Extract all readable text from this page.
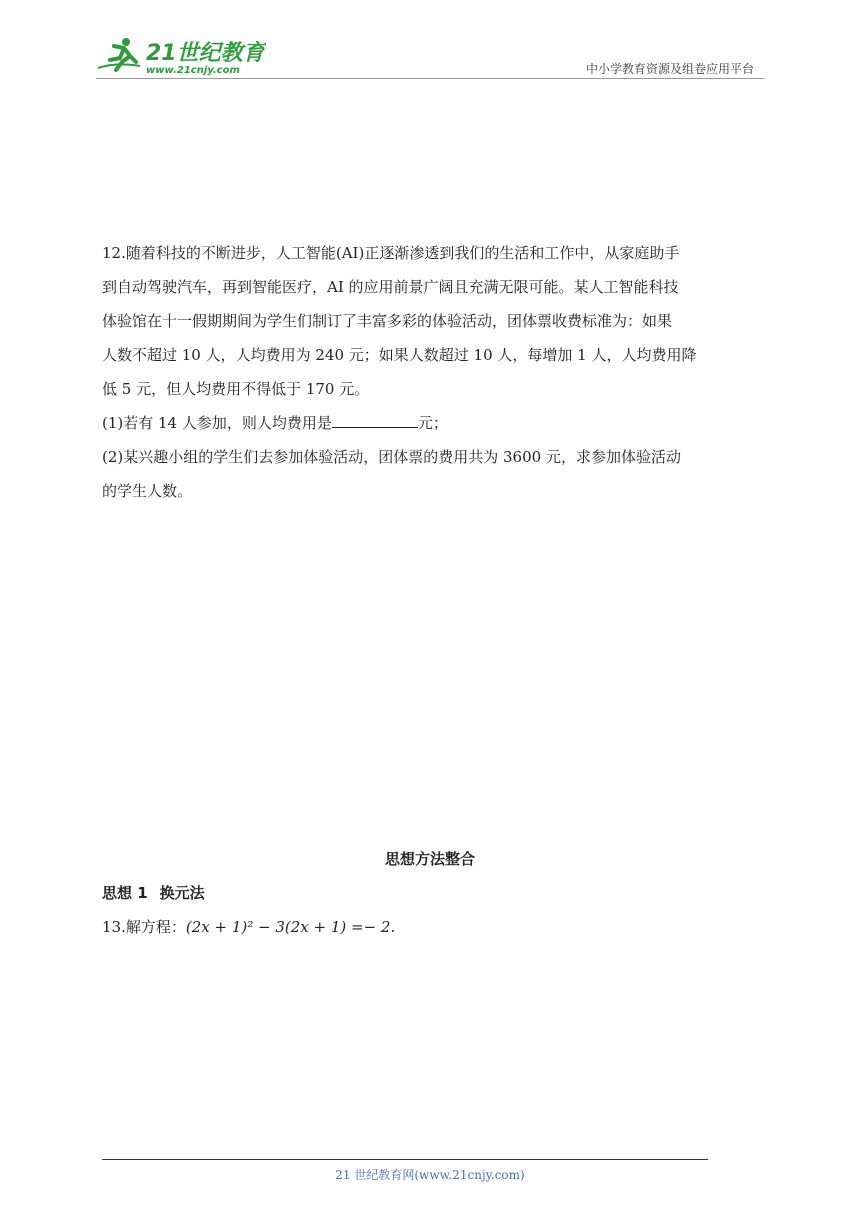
21世纪教育
www.21cnjy.com	中小学教育资源及组卷应用平台

12.随着科技的不断进步，人工智能(AI)正逐渐渗透到我们的生活和工作中，从家庭助手

到自动驾驶汽车，再到智能医疗，AI 的应用前景广阔且充满无限可能。某人工智能科技

体验馆在十一假期期间为学生们制订了丰富多彩的体验活动，团体票收费标准为：如果

人数不超过 10 人，人均费用为 240 元；如果人数超过 10 人，每增加 1 人，人均费用降

低 5 元，但人均费用不得低于 170 元。

(1)若有 14 人参加，则人均费用是	元；

(2)某兴趣小组的学生们去参加体验活动，团体票的费用共为 3600 元，求参加体验活动

的学生人数。

思想方法整合
思想 1 换元法
13.解方程：(2x + 1)² − 3(2x + 1) =− 2.
21 世纪教育网(www.21cnjy.com)
